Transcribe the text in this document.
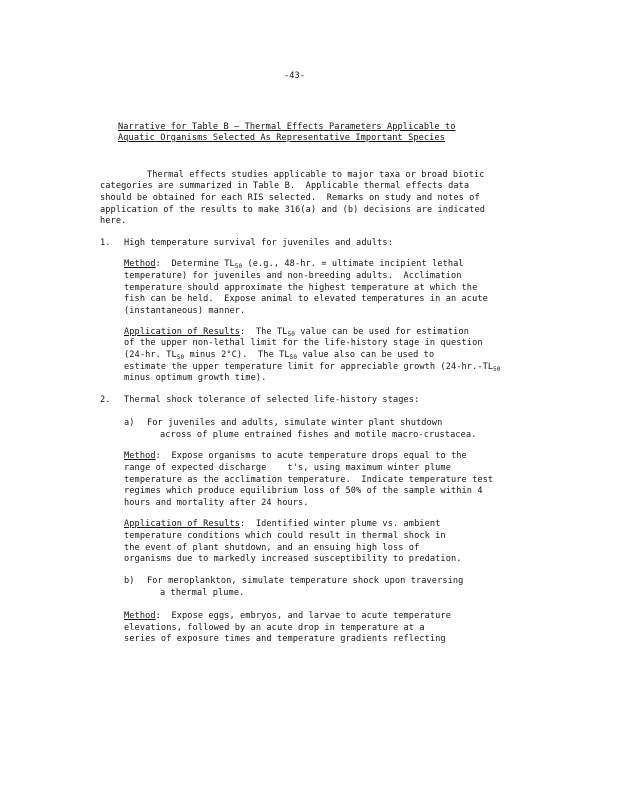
-43-
Narrative for Table B — Thermal Effects Parameters Applicable to
Aquatic Organisms Selected As Representative Important Species
Thermal effects studies applicable to major taxa or broad biotic
categories are summarized in Table B.  Applicable thermal effects data
should be obtained for each RIS selected.  Remarks on study and notes of
application of the results to make 316(a) and (b) decisions are indicated
here.
1. High temperature survival for juveniles and adults:
Method:  Determine $TL_{50}$ (e.g., 48-hr. = ultimate incipient lethal
temperature) for juveniles and non-breeding adults.  Acclimation
temperature should approximate the highest temperature at which the
fish can be held.  Expose animal to elevated temperatures in an acute
(instantaneous) manner.
Application of Results:  The $TL_{50}$ value can be used for estimation
of the upper non-lethal limit for the life-history stage in question
(24-hr. $TL_{50}$ minus 2°C).  The $TL_{50}$ value also can be used to
estimate the upper temperature limit for appreciable growth ($24-hr.-TL_{50}$
minus optimum growth time).
2. Thermal shock tolerance of selected life-history stages:
a) For juveniles and adults, simulate winter plant shutdown
across of plume entrained fishes and motile macro-crustacea.
Method:  Expose organisms to acute temperature drops equal to the
range of expected discharge    t's, using maximum winter plume
temperature as the acclimation temperature.  Indicate temperature test
regimes which produce equilibrium loss of 50% of the sample within 4
hours and mortality after 24 hours.
Application of Results:  Identified winter plume vs. ambient
temperature conditions which could result in thermal shock in
the event of plant shutdown, and an ensuing high loss of
organisms due to markedly increased susceptibility to predation.
b) For meroplankton, simulate temperature shock upon traversing
a thermal plume.
Method:  Expose eggs, embryos, and larvae to acute temperature
elevations, followed by an acute drop in temperature at a
series of exposure times and temperature gradients reflecting
